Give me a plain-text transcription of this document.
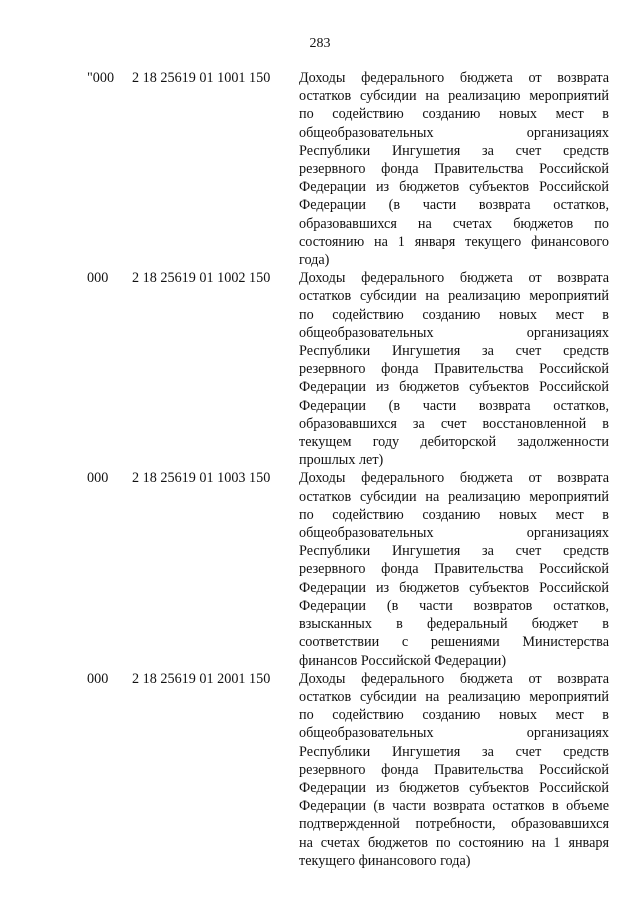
283
"000 2 18 25619 01 1001 150 Доходы федерального бюджета от возврата
остатков субсидии на реализацию мероприятий
по содействию созданию новых мест в
общеобразовательных организациях
Республики Ингушетия за счет средств
резервного фонда Правительства Российской
Федерации из бюджетов субъектов Российской
Федерации (в части возврата остатков,
образовавшихся на счетах бюджетов по
состоянию на 1 января текущего финансового
года)
000 2 18 25619 01 1002 150 Доходы федерального бюджета от возврата
остатков субсидии на реализацию мероприятий
по содействию созданию новых мест в
общеобразовательных организациях
Республики Ингушетия за счет средств
резервного фонда Правительства Российской
Федерации из бюджетов субъектов Российской
Федерации (в части возврата остатков,
образовавшихся за счет восстановленной в
текущем году дебиторской задолженности
прошлых лет)
000 2 18 25619 01 1003 150 Доходы федерального бюджета от возврата
остатков субсидии на реализацию мероприятий
по содействию созданию новых мест в
общеобразовательных организациях
Республики Ингушетия за счет средств
резервного фонда Правительства Российской
Федерации из бюджетов субъектов Российской
Федерации (в части возвратов остатков,
взысканных в федеральный бюджет в
соответствии с решениями Министерства
финансов Российской Федерации)
000 2 18 25619 01 2001 150 Доходы федерального бюджета от возврата
остатков субсидии на реализацию мероприятий
по содействию созданию новых мест в
общеобразовательных организациях
Республики Ингушетия за счет средств
резервного фонда Правительства Российской
Федерации из бюджетов субъектов Российской
Федерации (в части возврата остатков в объеме
подтвержденной потребности, образовавшихся
на счетах бюджетов по состоянию на 1 января
текущего финансового года)
